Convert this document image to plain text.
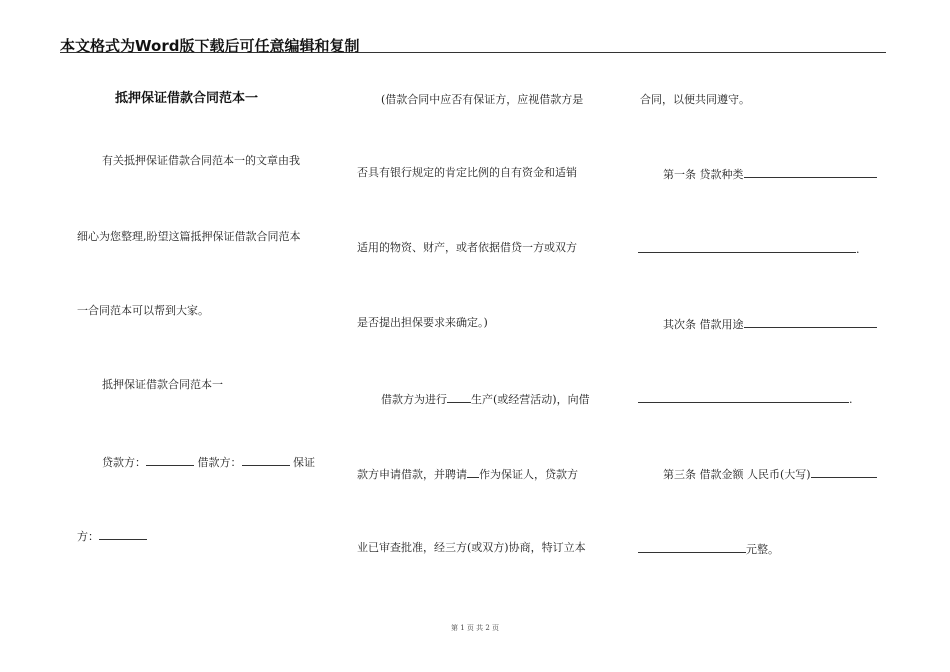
本文格式为Word版下载后可任意编辑和复制
抵押保证借款合同范本一
有关抵押保证借款合同范本一的文章由我
细心为您整理,盼望这篇抵押保证借款合同范本
一合同范本可以帮到大家。
抵押保证借款合同范本一
贷款方：	借款方：	保证
方：
(借款合同中应否有保证方，应视借款方是
否具有银行规定的肯定比例的自有资金和适销
适用的物资、财产，或者依据借贷一方或双方
是否提出担保要求来确定。)
借款方为进行 生产(或经营活动)，向借
款方申请借款，并聘请 作为保证人，贷款方
业已审查批准，经三方(或双方)协商，特订立本
合同，以便共同遵守。
第一条 贷款种类
.
其次条 借款用途
.
第三条 借款金额 人民币(大写)
元整。
第 1 页 共 2 页
